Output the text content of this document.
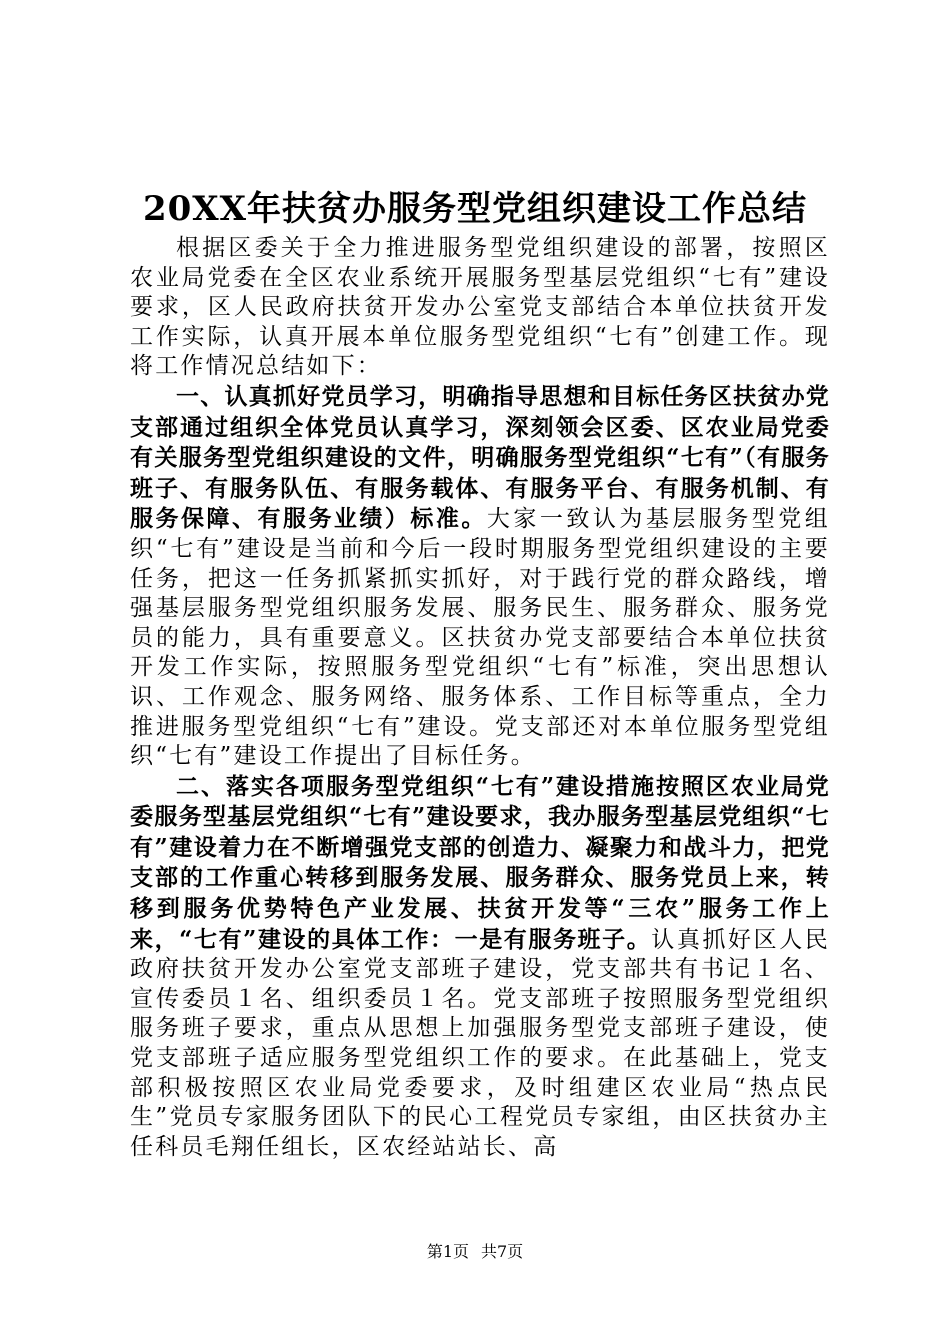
20XX年扶贫办服务型党组织建设工作总结

根据区委关于全力推进服务型党组织建设的部署，按照区农业局党委在全区农业系统开展服务型基层党组织“七有”建设要求，区人民政府扶贫开发办公室党支部结合本单位扶贫开发工作实际，认真开展本单位服务型党组织“七有”创建工作。现将工作情况总结如下：

一、认真抓好党员学习，明确指导思想和目标任务区扶贫办党支部通过组织全体党员认真学习，深刻领会区委、区农业局党委有关服务型党组织建设的文件，明确服务型党组织“七有”（有服务班子、有服务队伍、有服务载体、有服务平台、有服务机制、有服务保障、有服务业绩）标准。大家一致认为基层服务型党组织“七有”建设是当前和今后一段时期服务型党组织建设的主要任务，把这一任务抓紧抓实抓好，对于践行党的群众路线，增强基层服务型党组织服务发展、服务民生、服务群众、服务党员的能力，具有重要意义。区扶贫办党支部要结合本单位扶贫开发工作实际，按照服务型党组织“七有”标准，突出思想认识、工作观念、服务网络、服务体系、工作目标等重点，全力推进服务型党组织“七有”建设。党支部还对本单位服务型党组织“七有”建设工作提出了目标任务。

二、落实各项服务型党组织“七有”建设措施按照区农业局党委服务型基层党组织“七有”建设要求，我办服务型基层党组织“七有”建设着力在不断增强党支部的创造力、凝聚力和战斗力，把党支部的工作重心转移到服务发展、服务群众、服务党员上来，转移到服务优势特色产业发展、扶贫开发等“三农”服务工作上来，“七有”建设的具体工作：一是有服务班子。认真抓好区人民政府扶贫开发办公室党支部班子建设，党支部共有书记１名、宣传委员１名、组织委员１名。党支部班子按照服务型党组织服务班子要求，重点从思想上加强服务型党支部班子建设，使党支部班子适应服务型党组织工作的要求。在此基础上，党支部积极按照区农业局党委要求，及时组建区农业局“热点民生”党员专家服务团队下的民心工程党员专家组，由区扶贫办主任科员毛翔任组长，区农经站站长、高

第1页 共7页
